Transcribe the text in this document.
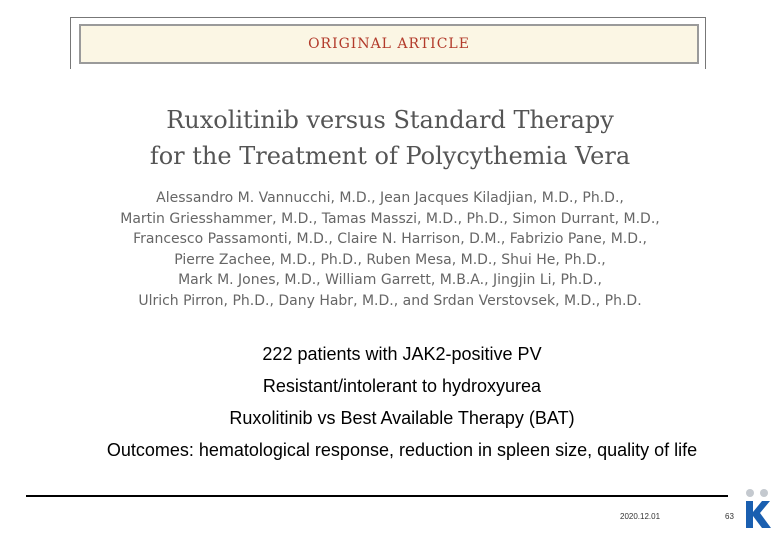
ORIGINAL ARTICLE
Ruxolitinib versus Standard Therapy
for the Treatment of Polycythemia Vera
Alessandro M. Vannucchi, M.D., Jean Jacques Kiladjian, M.D., Ph.D.,
Martin Griesshammer, M.D., Tamas Masszi, M.D., Ph.D., Simon Durrant, M.D.,
Francesco Passamonti, M.D., Claire N. Harrison, D.M., Fabrizio Pane, M.D.,
Pierre Zachee, M.D., Ph.D., Ruben Mesa, M.D., Shui He, Ph.D.,
Mark M. Jones, M.D., William Garrett, M.B.A., Jingjin Li, Ph.D.,
Ulrich Pirron, Ph.D., Dany Habr, M.D., and Srdan Verstovsek, M.D., Ph.D.
222 patients with JAK2-positive PV
Resistant/intolerant to hydroxyurea
Ruxolitinib vs Best Available Therapy (BAT)
Outcomes: hematological response, reduction in spleen size, quality of life
2020.12.01	63
